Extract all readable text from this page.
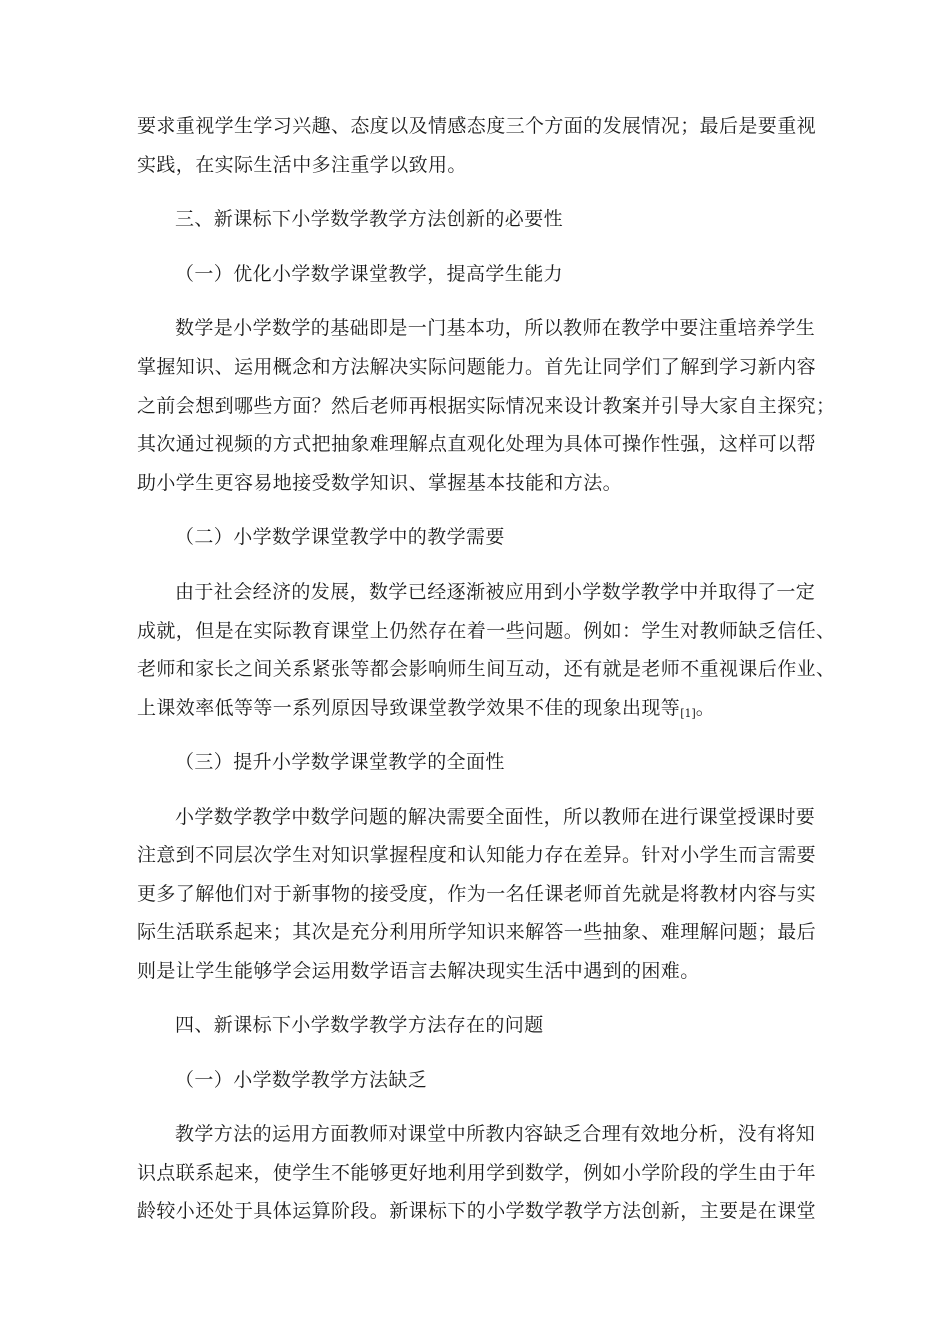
要求重视学生学习兴趣、态度以及情感态度三个方面的发展情况；最后是要重视
实践，在实际生活中多注重学以致用。
三、新课标下小学数学教学方法创新的必要性
（一）优化小学数学课堂教学，提高学生能力
数学是小学数学的基础即是一门基本功，所以教师在教学中要注重培养学生
掌握知识、运用概念和方法解决实际问题能力。首先让同学们了解到学习新内容
之前会想到哪些方面？然后老师再根据实际情况来设计教案并引导大家自主探究；
其次通过视频的方式把抽象难理解点直观化处理为具体可操作性强，这样可以帮
助小学生更容易地接受数学知识、掌握基本技能和方法。
（二）小学数学课堂教学中的教学需要
由于社会经济的发展，数学已经逐渐被应用到小学数学教学中并取得了一定
成就，但是在实际教育课堂上仍然存在着一些问题。例如：学生对教师缺乏信任、
老师和家长之间关系紧张等都会影响师生间互动，还有就是老师不重视课后作业、
上课效率低等等一系列原因导致课堂教学效果不佳的现象出现等$_{[1]}$。
（三）提升小学数学课堂教学的全面性
小学数学教学中数学问题的解决需要全面性，所以教师在进行课堂授课时要
注意到不同层次学生对知识掌握程度和认知能力存在差异。针对小学生而言需要
更多了解他们对于新事物的接受度，作为一名任课老师首先就是将教材内容与实
际生活联系起来；其次是充分利用所学知识来解答一些抽象、难理解问题；最后
则是让学生能够学会运用数学语言去解决现实生活中遇到的困难。
四、新课标下小学数学教学方法存在的问题
（一）小学数学教学方法缺乏
教学方法的运用方面教师对课堂中所教内容缺乏合理有效地分析，没有将知
识点联系起来，使学生不能够更好地利用学到数学，例如小学阶段的学生由于年
龄较小还处于具体运算阶段。新课标下的小学数学教学方法创新，主要是在课堂
